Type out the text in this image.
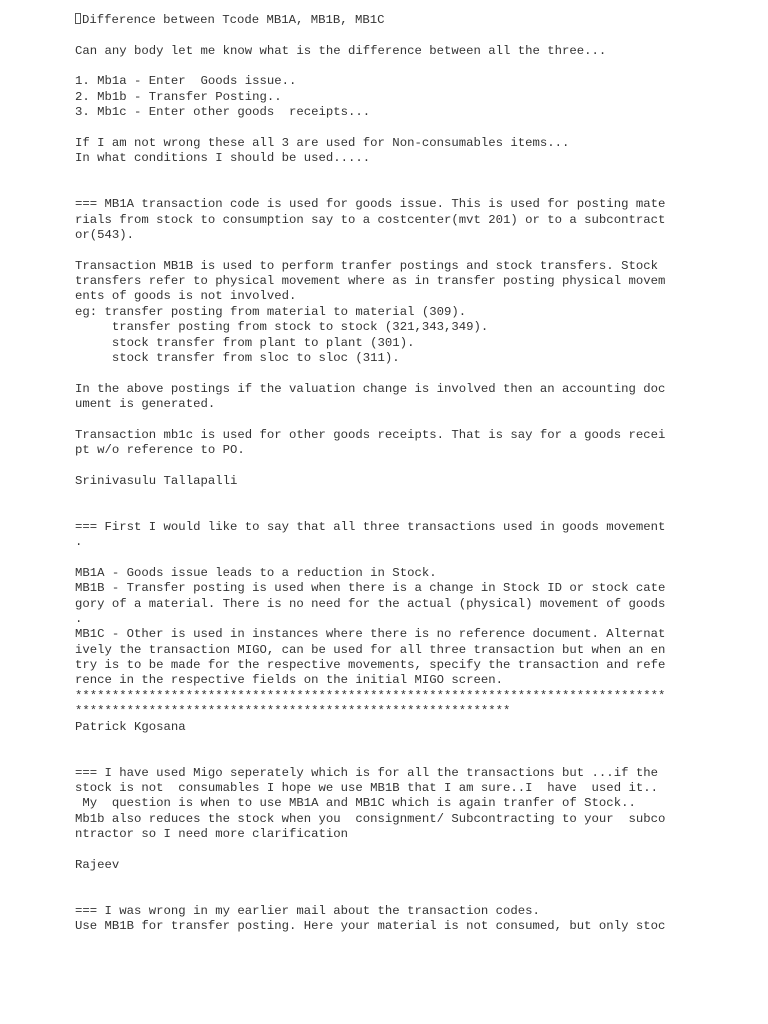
Difference between Tcode MB1A, MB1B, MB1C
Can any body let me know what is the difference between all the three...
1. Mb1a - Enter  Goods issue..
2. Mb1b - Transfer Posting..
3. Mb1c - Enter other goods  receipts...
If I am not wrong these all 3 are used for Non-consumables items...
In what conditions I should be used.....
=== MB1A transaction code is used for goods issue. This is used for posting mate
rials from stock to consumption say to a costcenter(mvt 201) or to a subcontract
or(543).
Transaction MB1B is used to perform tranfer postings and stock transfers. Stock
transfers refer to physical movement where as in transfer posting physical movem
ents of goods is not involved.
eg: transfer posting from material to material (309).
transfer posting from stock to stock (321,343,349).
stock transfer from plant to plant (301).
stock transfer from sloc to sloc (311).
In the above postings if the valuation change is involved then an accounting doc
ument is generated.
Transaction mb1c is used for other goods receipts. That is say for a goods recei
pt w/o reference to PO.
Srinivasulu Tallapalli
=== First I would like to say that all three transactions used in goods movement
.
MB1A - Goods issue leads to a reduction in Stock.
MB1B - Transfer posting is used when there is a change in Stock ID or stock cate
gory of a material. There is no need for the actual (physical) movement of goods
.
MB1C - Other is used in instances where there is no reference document. Alternat
ively the transaction MIGO, can be used for all three transaction but when an en
try is to be made for the respective movements, specify the transaction and refe
rence in the respective fields on the initial MIGO screen.
********************************************************************************
***********************************************************
Patrick Kgosana
=== I have used Migo seperately which is for all the transactions but ...if the
stock is not  consumables I hope we use MB1B that I am sure..I  have  used it..
My  question is when to use MB1A and MB1C which is again tranfer of Stock..
Mb1b also reduces the stock when you  consignment/ Subcontracting to your  subco
ntractor so I need more clarification
Rajeev
=== I was wrong in my earlier mail about the transaction codes.
Use MB1B for transfer posting. Here your material is not consumed, but only stoc
